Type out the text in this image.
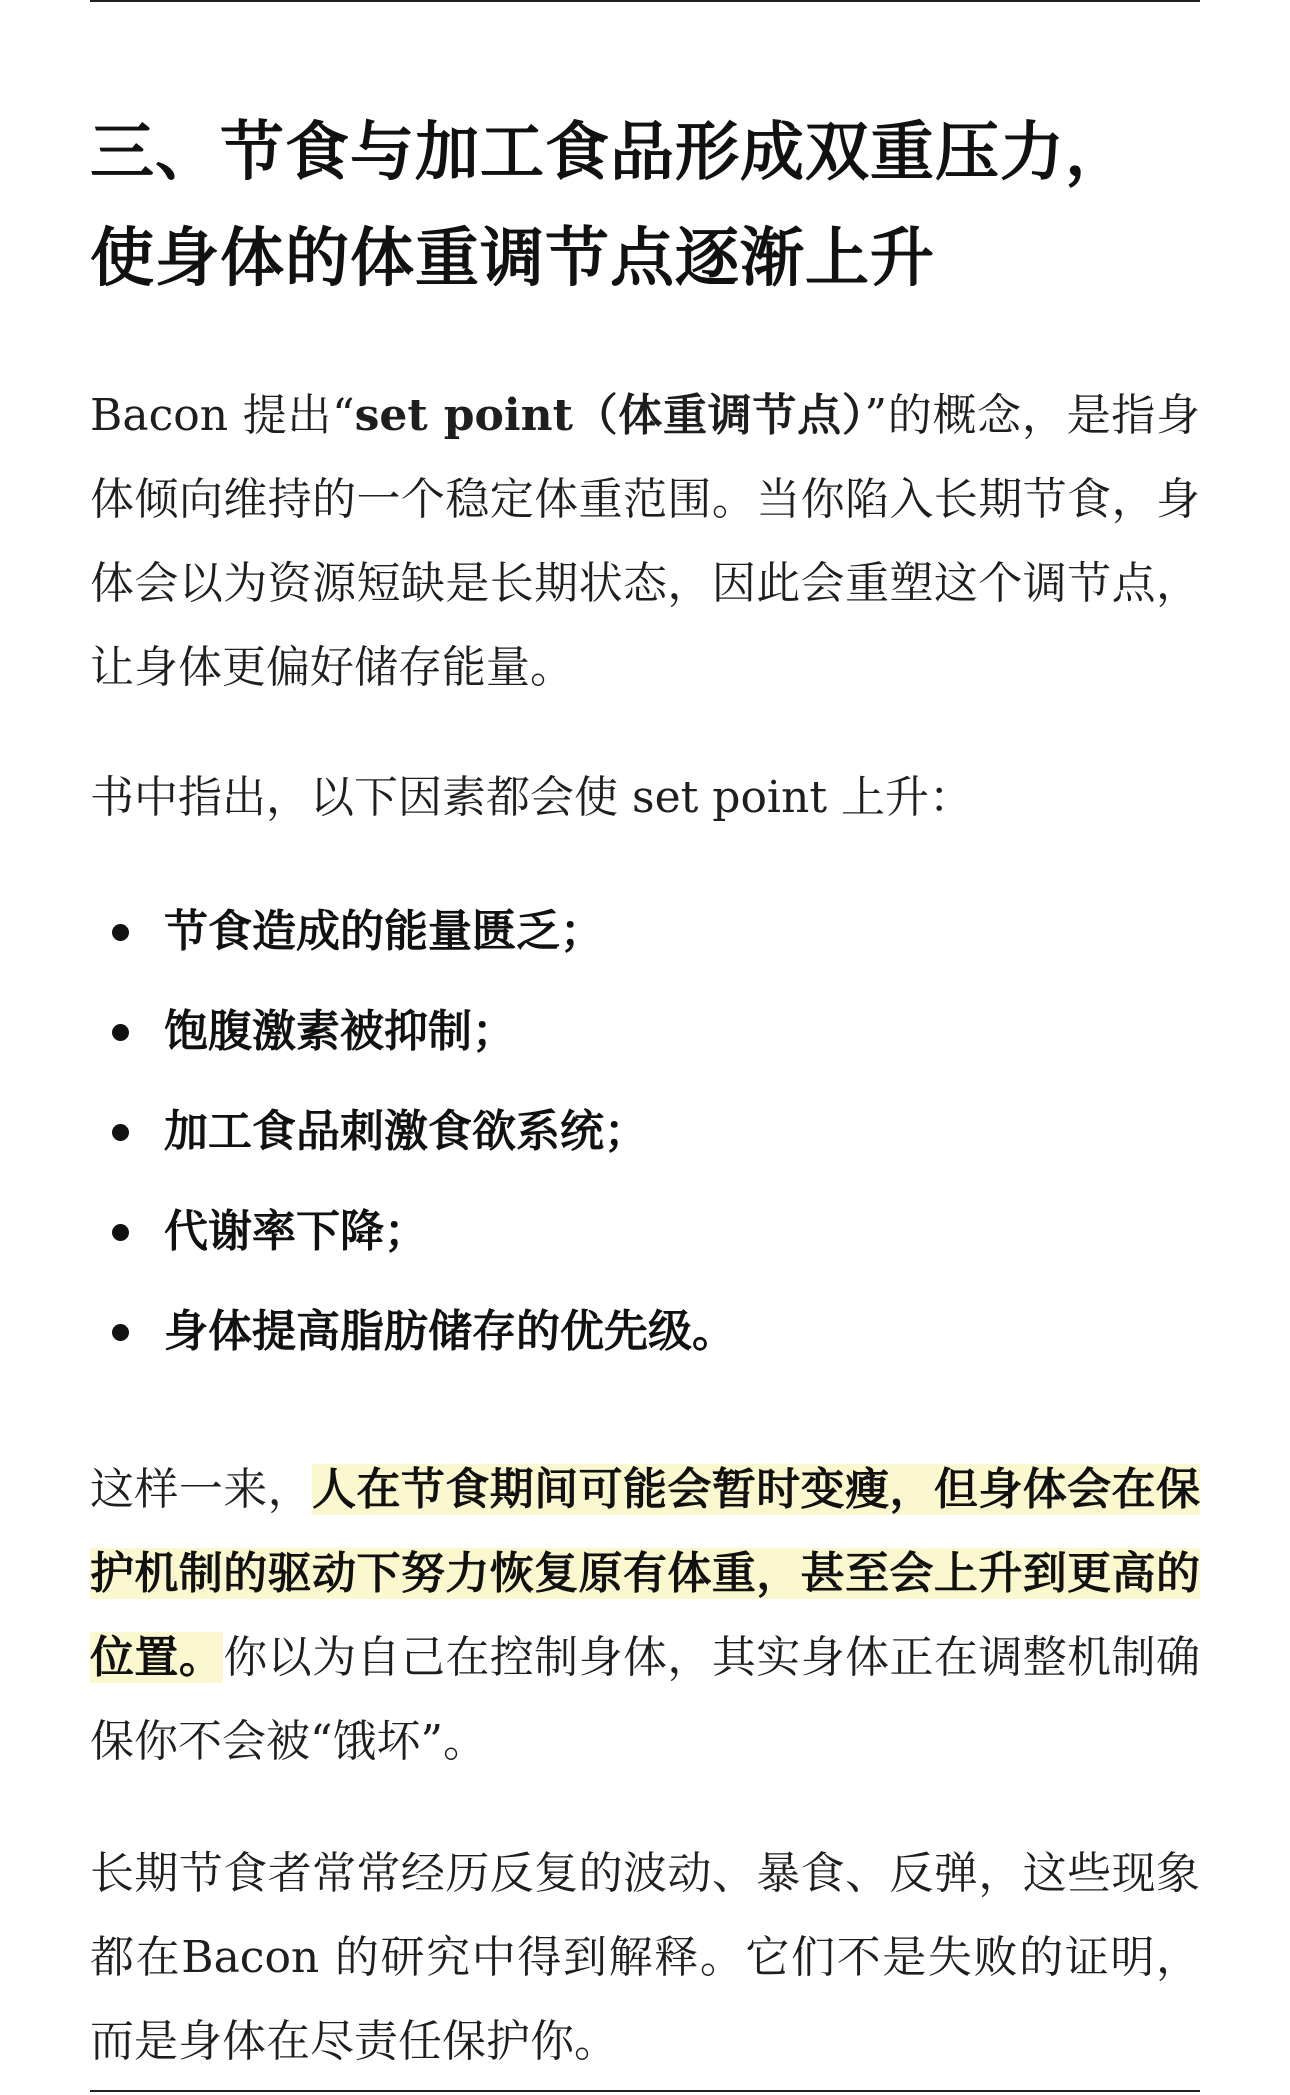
三、节食与加工食品形成双重压力，
使身体的体重调节点逐渐上升

Bacon 提出“set point（体重调节点）”的概念，是指身体倾向维持的一个稳定体重范围。当你陷入长期节食，身体会以为资源短缺是长期状态，因此会重塑这个调节点，让身体更偏好储存能量。

书中指出，以下因素都会使 set point 上升：

节食造成的能量匮乏；
饱腹激素被抑制；
加工食品刺激食欲系统；
代谢率下降；
身体提高脂肪储存的优先级。

这样一来，人在节食期间可能会暂时变瘦，但身体会在保护机制的驱动下努力恢复原有体重，甚至会上升到更高的位置。你以为自己在控制身体，其实身体正在调整机制确保你不会被“饿坏”。

长期节食者常常经历反复的波动、暴食、反弹，这些现象都在Bacon 的研究中得到解释。它们不是失败的证明，而是身体在尽责任保护你。
